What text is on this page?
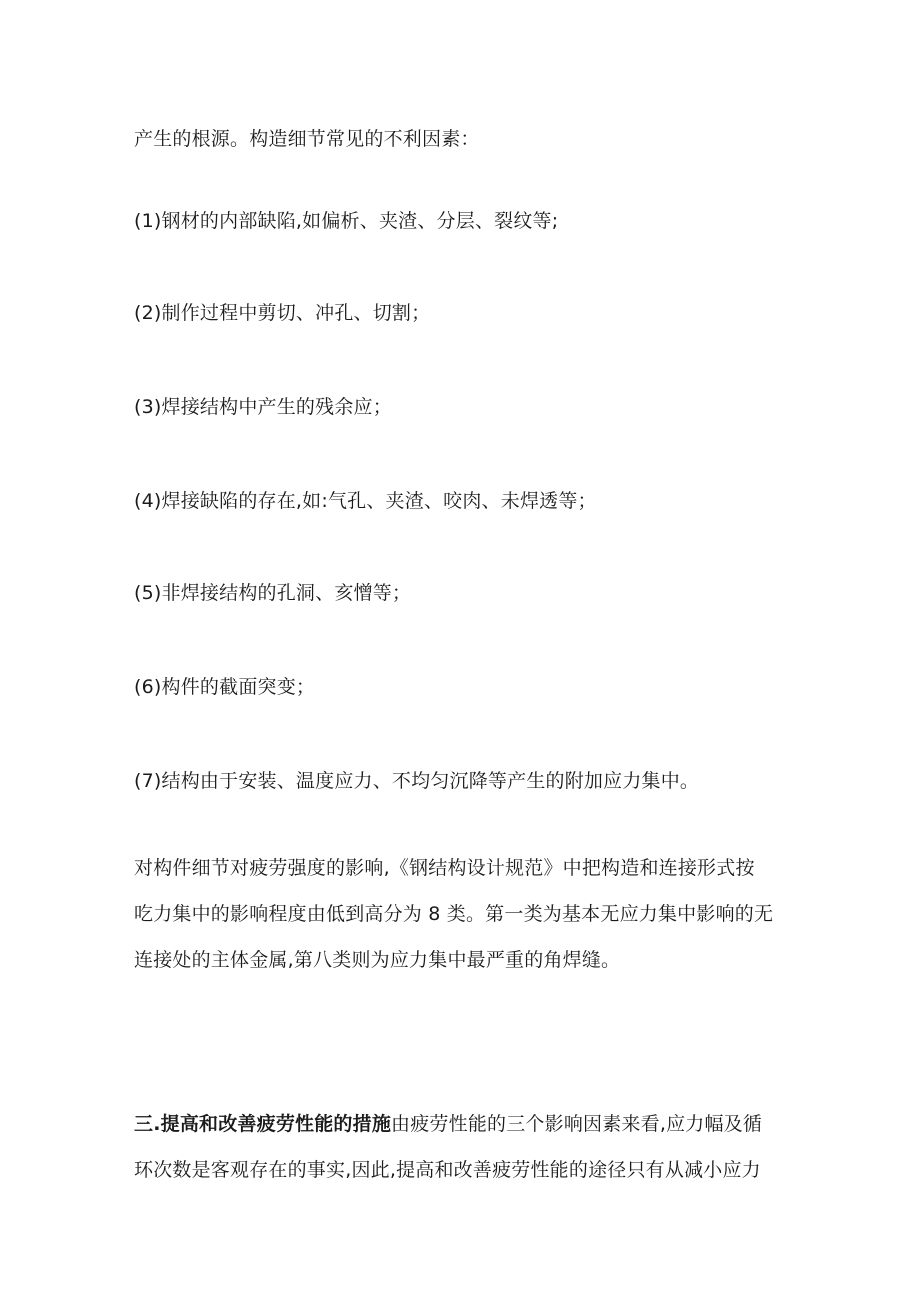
产生的根源。构造细节常见的不利因素：
(1)钢材的内部缺陷,如偏析、夹渣、分层、裂纹等;
(2)制作过程中剪切、冲孔、切割；
(3)焊接结构中产生的残余应；
(4)焊接缺陷的存在,如:气孔、夹渣、咬肉、未焊透等；
(5)非焊接结构的孔洞、亥憎等；
(6)构件的截面突变；
(7)结构由于安装、温度应力、不均匀沉降等产生的附加应力集中。
对构件细节对疲劳强度的影响,《钢结构设计规范》中把构造和连接形式按
吃力集中的影响程度由低到高分为 8 类。第一类为基本无应力集中影响的无
连接处的主体金属,第八类则为应力集中最严重的角焊缝。
三.提高和改善疲劳性能的措施由疲劳性能的三个影响因素来看,应力幅及循
环次数是客观存在的事实,因此,提高和改善疲劳性能的途径只有从减小应力
